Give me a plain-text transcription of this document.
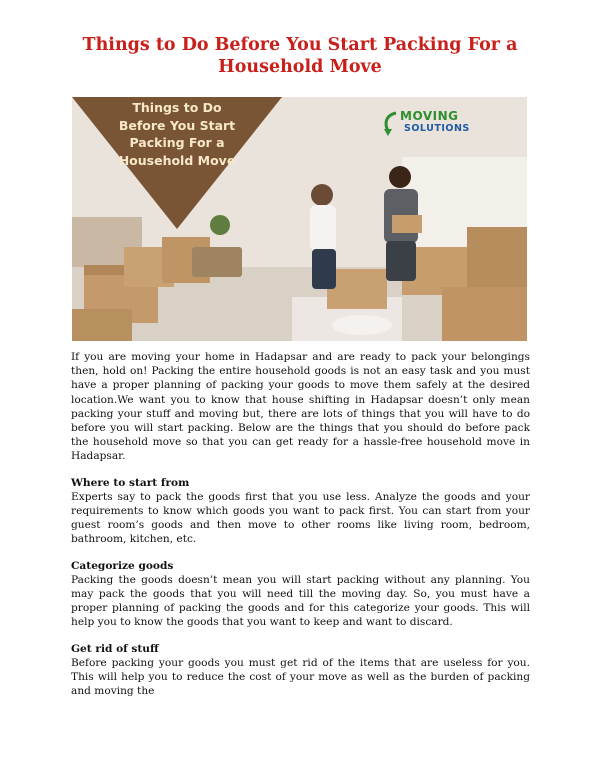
Things to Do Before You Start Packing For a Household Move
Things to Do Before You Start Packing For a Household Move
MOVING
SOLUTIONS

If you are moving your home in Hadapsar and are ready to pack your belongings then, hold on! Packing the entire household goods is not an easy task and you must have a proper planning of packing your goods to move them safely at the desired location.We want you to know that house shifting in Hadapsar doesn’t only mean packing your stuff and moving but, there are lots of things that you will have to do before you will start packing. Below are the things that you should do before pack the household move so that you can get ready for a hassle-free household move in Hadapsar.

Where to start from

Experts say to pack the goods first that you use less. Analyze the goods and your requirements to know which goods you want to pack first. You can start from your guest room’s goods and then move to other rooms like living room, bedroom, bathroom, kitchen, etc.

Categorize goods

Packing the goods doesn’t mean you will start packing without any planning. You may pack the goods that you will need till the moving day. So, you must have a proper planning of packing the goods and for this categorize your goods. This will help you to know the goods that you want to keep and want to discard.

Get rid of stuff

Before packing your goods you must get rid of the items that are useless for you. This will help you to reduce the cost of your move as well as the burden of packing and moving the
